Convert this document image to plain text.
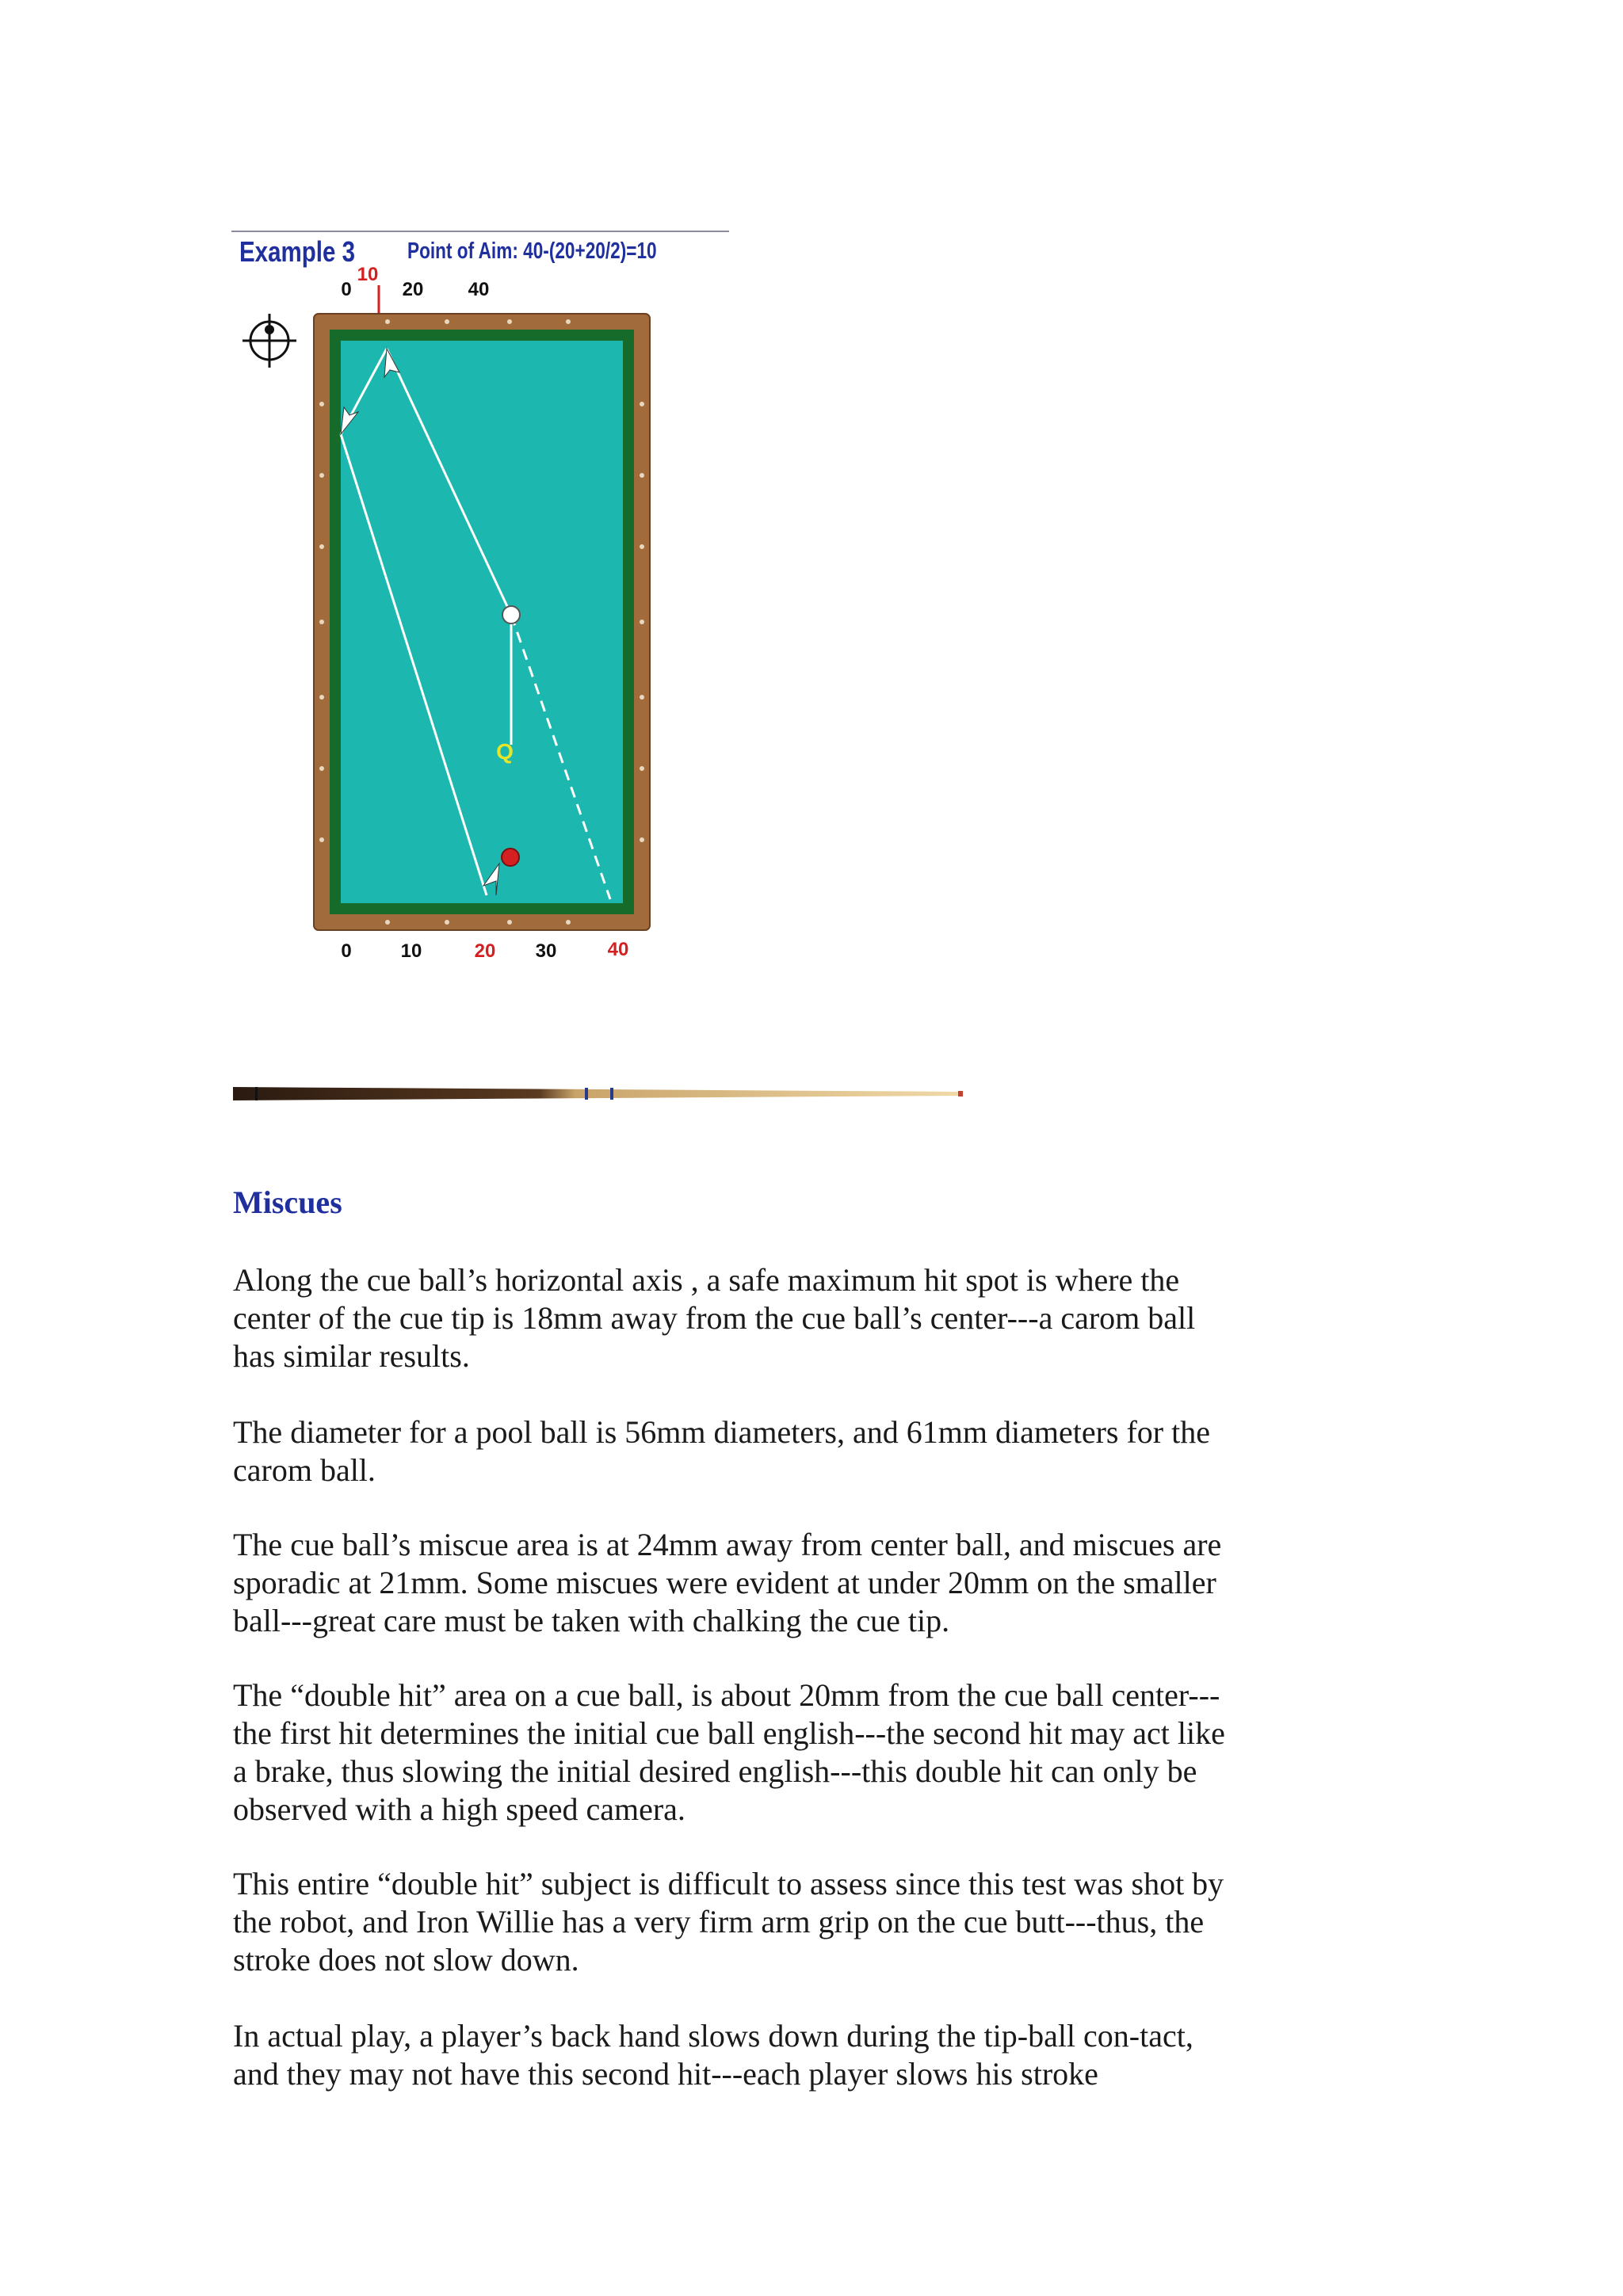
Example 3 Point of Aim: 40-(20+20/2)=10
10
0	20 40
Q
0	10	20 30	40
Miscues

Along the cue ball’s horizontal axis , a safe maximum hit spot is where the center of the cue tip is 18mm away from the cue ball’s center---a carom ball has similar results.

The diameter for a pool ball is 56mm diameters, and 61mm diameters for the carom ball.

The cue ball’s miscue area is at 24mm away from center ball, and miscues are sporadic at 21mm. Some miscues were evident at under 20mm on the smaller ball---great care must be taken with chalking the cue tip.

The “double hit” area on a cue ball, is about 20mm from the cue ball center---the first hit determines the initial cue ball english---the second hit may act like a brake, thus slowing the initial desired english---this double hit can only be observed with a high speed camera.

This entire “double hit” subject is difficult to assess since this test was shot by the robot, and Iron Willie has a very firm arm grip on the cue butt---thus, the stroke does not slow down.

In actual play, a player’s back hand slows down during the tip-ball con-tact, and they may not have this second hit---each player slows his stroke
